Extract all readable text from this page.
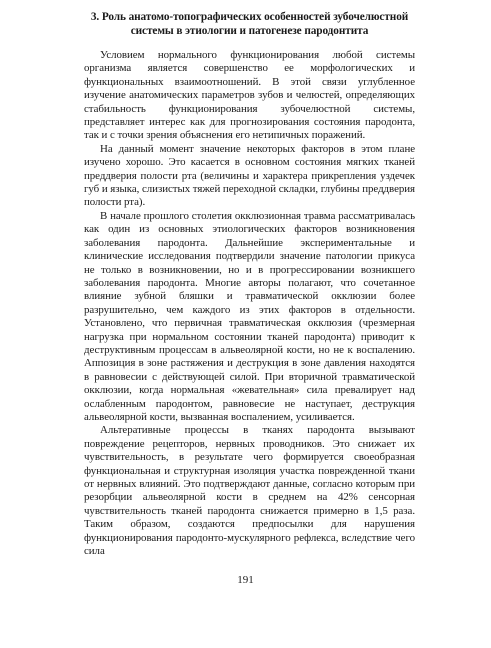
3. Роль анатомо-топографических особенностей зубочелюстной системы в этиологии и патогенезе пародонтита

Условием нормального функционирования любой системы организма является совершенство ее морфологических и функциональных взаимоотношений. В этой связи углубленное изучение анатомических параметров зубов и челюстей, определяющих стабильность функционирования зубочелюстной системы, представляет интерес как для прогнозирования состояния пародонта, так и с точки зрения объяснения его нетипичных поражений.

На данный момент значение некоторых факторов в этом плане изучено хорошо. Это касается в основном состояния мягких тканей преддверия полости рта (величины и характера прикрепления уздечек губ и языка, слизистых тяжей переходной складки, глубины преддверия полости рта).

В начале прошлого столетия окклюзионная травма рассматривалась как один из основных этиологических факторов возникновения заболевания пародонта. Дальнейшие экспериментальные и клинические исследования подтвердили значение патологии прикуса не только в возникновении, но и в прогрессировании возникшего заболевания пародонта. Многие авторы полагают, что сочетанное влияние зубной бляшки и травматической окклюзии более разрушительно, чем каждого из этих факторов в отдельности. Установлено, что первичная травматическая окклюзия (чрезмерная нагрузка при нормальном состоянии тканей пародонта) приводит к деструктивным процессам в альвеолярной кости, но не к воспалению. Аппозиция в зоне растяжения и деструкция в зоне давления находятся в равновесии с действующей силой. При вторичной травматической окклюзии, когда нормальная «жевательная» сила превалирует над ослабленным пародонтом, равновесие не наступает, деструкция альвеолярной кости, вызванная воспалением, усиливается.

Альтеративные процессы в тканях пародонта вызывают повреждение рецепторов, нервных проводников. Это снижает их чувствительность, в результате чего формируется своеобразная функциональная и структурная изоляция участка поврежденной ткани от нервных влияний. Это подтверждают данные, согласно которым при резорбции альвеолярной кости в среднем на 42% сенсорная чувствительность тканей пародонта снижается примерно в 1,5 раза. Таким образом, создаются предпосылки для нарушения функционирования пародонто-мускулярного рефлекса, вследствие чего сила

191
